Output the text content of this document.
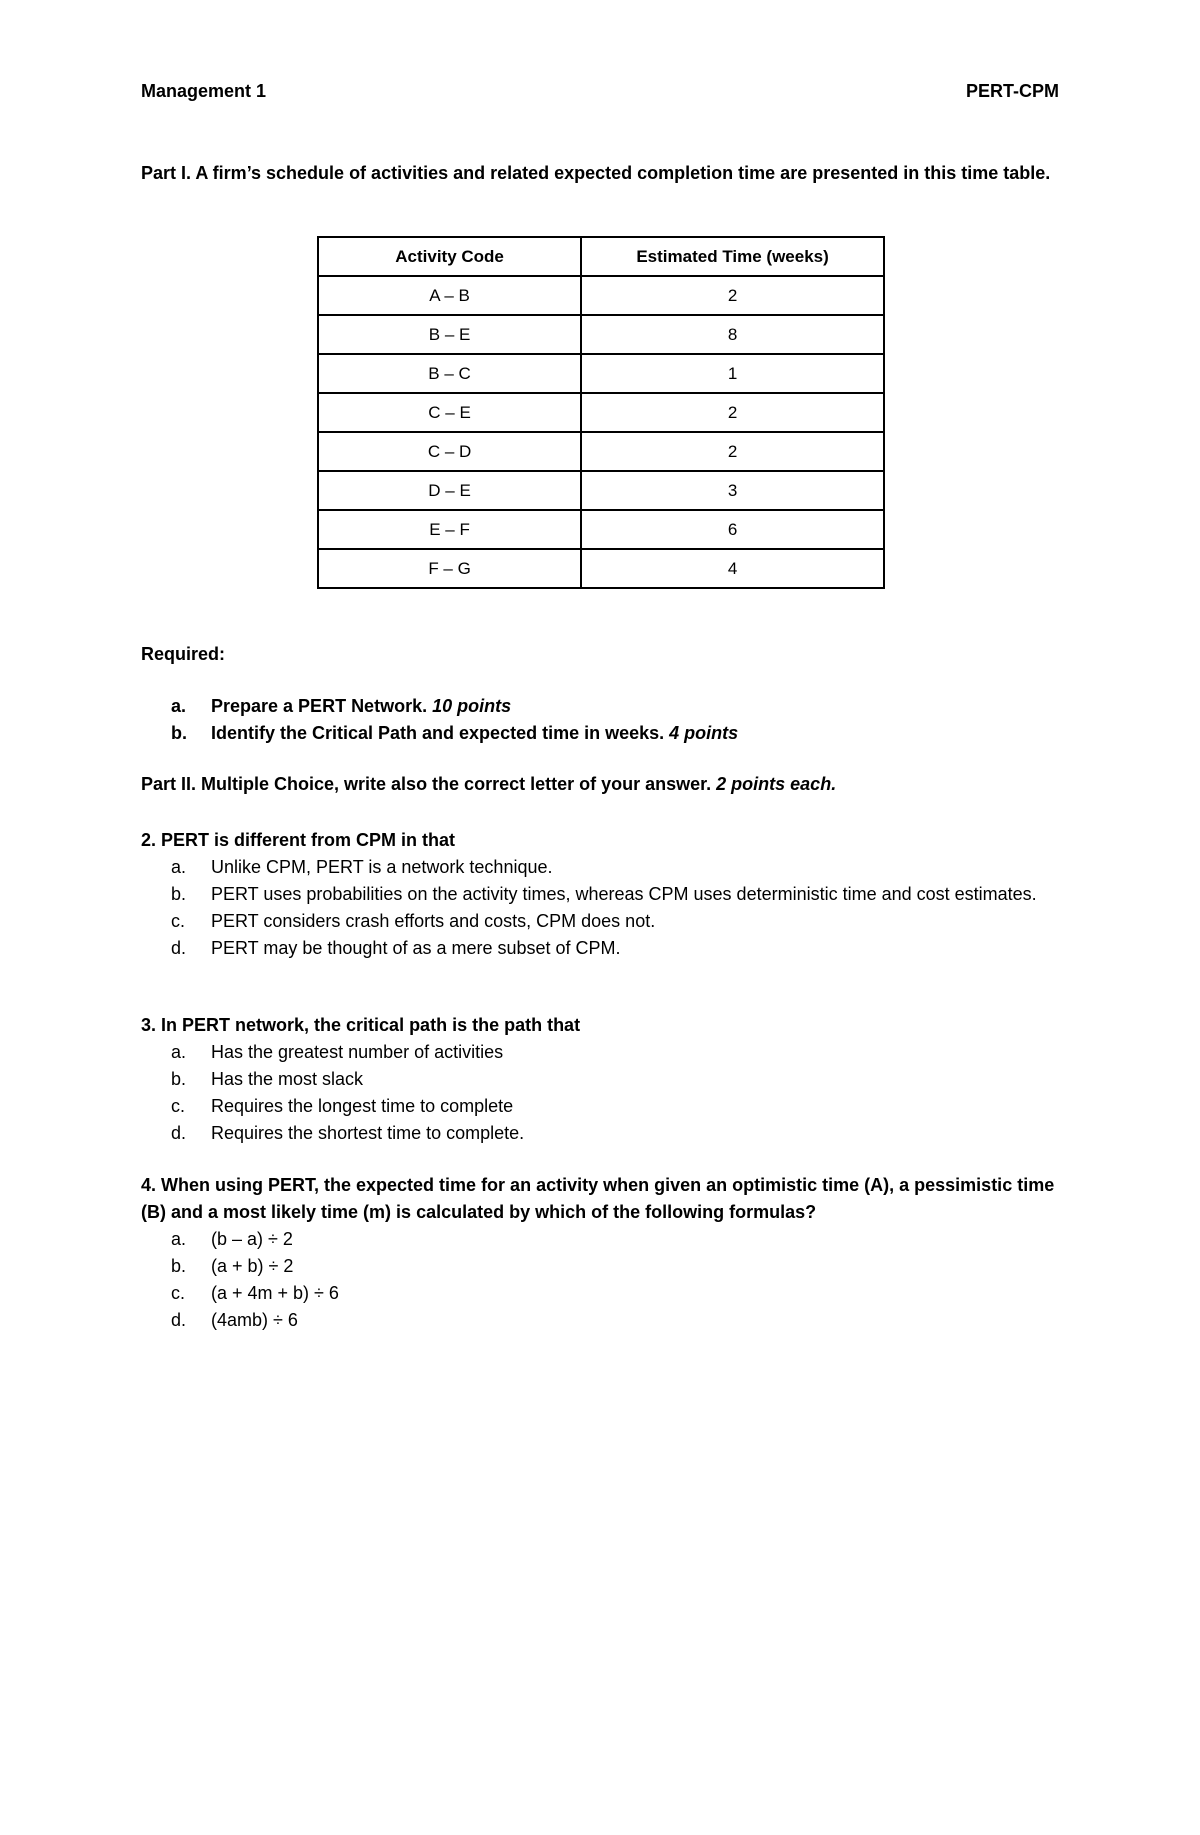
Management 1	PERT-CPM
Part I. A firm’s schedule of activities and related expected completion time are presented in this time table.
Activity Code	Estimated Time (weeks)
A – B	2
B – E	8
B – C	1
C – E	2
C – D	2
D – E	3
E – F	6
F – G	4
Required:
a.	Prepare a PERT Network. 10 points
b.	Identify the Critical Path and expected time in weeks. 4 points
Part II. Multiple Choice, write also the correct letter of your answer. 2 points each.
2. PERT is different from CPM in that
a.	Unlike CPM, PERT is a network technique.
b.	PERT uses probabilities on the activity times, whereas CPM uses deterministic time and cost estimates.
c.	PERT considers crash efforts and costs, CPM does not.
d.	PERT may be thought of as a mere subset of CPM.
3. In PERT network, the critical path is the path that
a.	Has the greatest number of activities
b.	Has the most slack
c.	Requires the longest time to complete
d.	Requires the shortest time to complete.
4. When using PERT, the expected time for an activity when given an optimistic time (A), a pessimistic time (B) and a most likely time (m) is calculated by which of the following formulas?
a.	(b – a) ÷ 2
b.	(a + b) ÷ 2
c.	(a + 4m + b) ÷ 6
d.	(4amb) ÷ 6
